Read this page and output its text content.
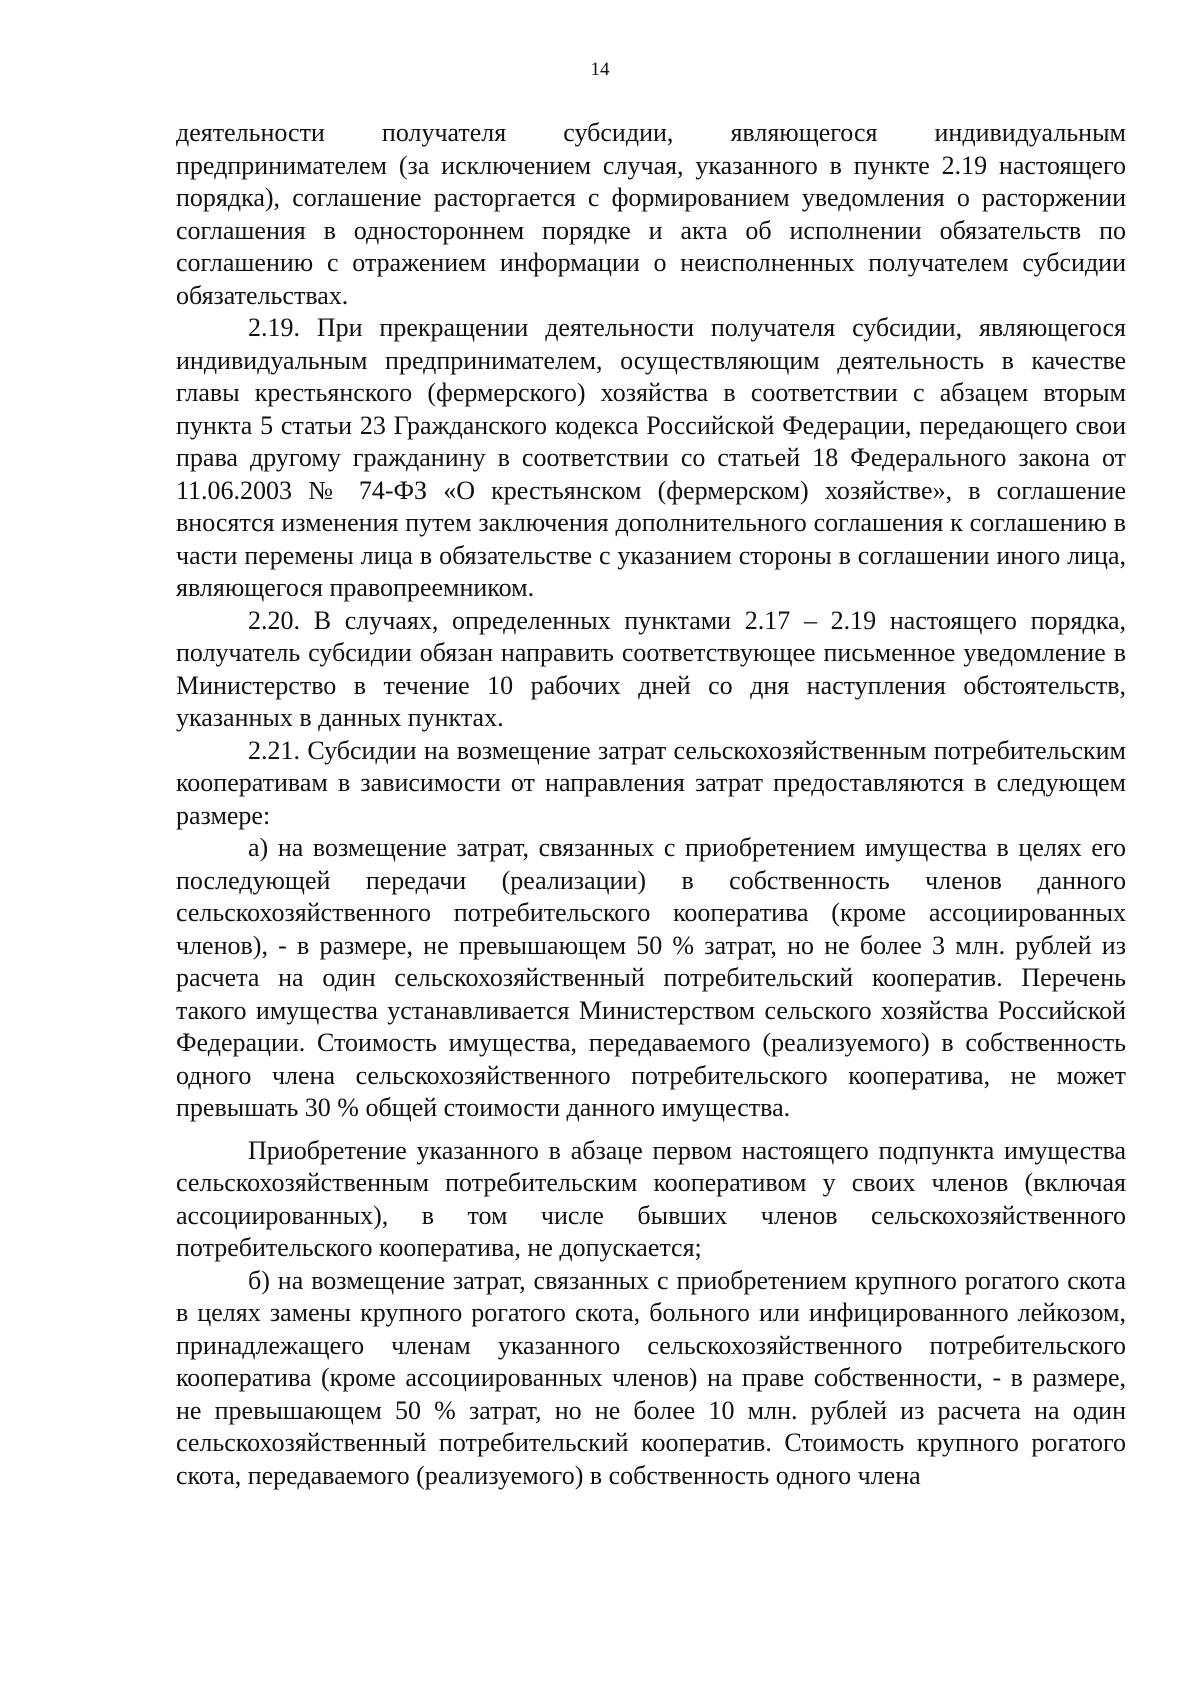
14

деятельности получателя субсидии, являющегося индивидуальным предпринимателем (за исключением случая, указанного в пункте 2.19 настоящего порядка), соглашение расторгается с формированием уведомления о расторжении соглашения в одностороннем порядке и акта об исполнении обязательств по соглашению с отражением информации о неисполненных получателем субсидии обязательствах.

2.19. При прекращении деятельности получателя субсидии, являющегося индивидуальным предпринимателем, осуществляющим деятельность в качестве главы крестьянского (фермерского) хозяйства в соответствии с абзацем вторым пункта 5 статьи 23 Гражданского кодекса Российской Федерации, передающего свои права другому гражданину в соответствии со статьей 18 Федерального закона от 11.06.2003 № 74-ФЗ «О крестьянском (фермерском) хозяйстве», в соглашение вносятся изменения путем заключения дополнительного соглашения к соглашению в части перемены лица в обязательстве с указанием стороны в соглашении иного лица, являющегося правопреемником.

2.20. В случаях, определенных пунктами 2.17 – 2.19 настоящего порядка, получатель субсидии обязан направить соответствующее письменное уведомление в Министерство в течение 10 рабочих дней со дня наступления обстоятельств, указанных в данных пунктах.

2.21. Субсидии на возмещение затрат сельскохозяйственным потребительским кооперативам в зависимости от направления затрат предоставляются в следующем размере:

а) на возмещение затрат, связанных с приобретением имущества в целях его последующей передачи (реализации) в собственность членов данного сельскохозяйственного потребительского кооператива (кроме ассоциированных членов), - в размере, не превышающем 50 % затрат, но не более 3 млн. рублей из расчета на один сельскохозяйственный потребительский кооператив. Перечень такого имущества устанавливается Министерством сельского хозяйства Российской Федерации. Стоимость имущества, передаваемого (реализуемого) в собственность одного члена сельскохозяйственного потребительского кооператива, не может превышать 30 % общей стоимости данного имущества.

Приобретение указанного в абзаце первом настоящего подпункта имущества сельскохозяйственным потребительским кооперативом у своих членов (включая ассоциированных), в том числе бывших членов сельскохозяйственного потребительского кооператива, не допускается;

б) на возмещение затрат, связанных с приобретением крупного рогатого скота в целях замены крупного рогатого скота, больного или инфицированного лейкозом, принадлежащего членам указанного сельскохозяйственного потребительского кооператива (кроме ассоциированных членов) на праве собственности, - в размере, не превышающем 50 % затрат, но не более 10 млн. рублей из расчета на один сельскохозяйственный потребительский кооператив. Стоимость крупного рогатого скота, передаваемого (реализуемого) в собственность одного члена
